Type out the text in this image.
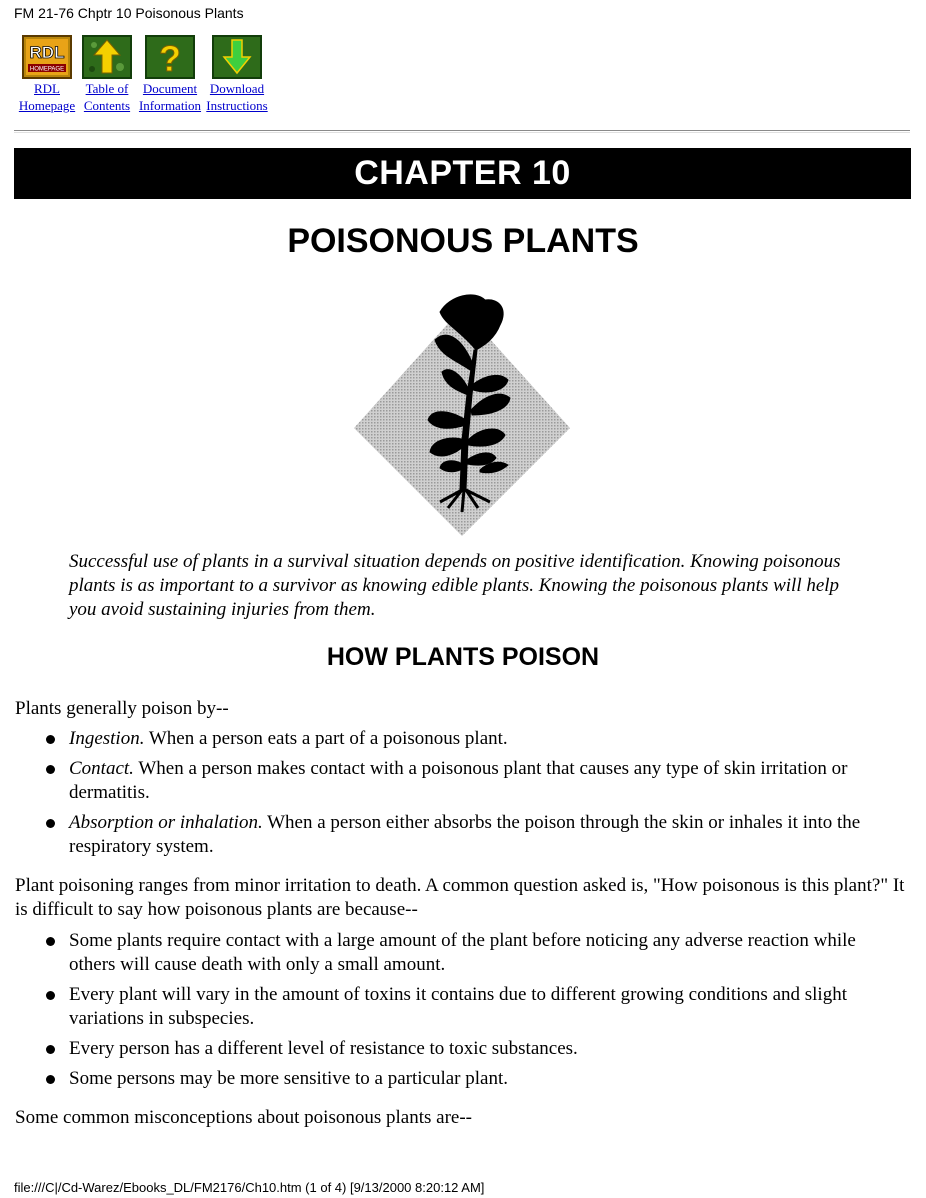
FM 21-76 Chptr 10 Poisonous Plants
RDL
HOMEPAGE
RDL
Homepage
Table of
Contents
?
Document
Information
Download
Instructions
CHAPTER 10
POISONOUS PLANTS

Successful use of plants in a survival situation depends on positive identification. Knowing poisonous plants is as important to a survivor as knowing edible plants. Knowing the poisonous plants will help you avoid sustaining injuries from them.

HOW PLANTS POISON

Plants generally poison by--

Ingestion. When a person eats a part of a poisonous plant.
Contact. When a person makes contact with a poisonous plant that causes any type of skin irritation or dermatitis.
Absorption or inhalation. When a person either absorbs the poison through the skin or inhales it into the respiratory system.

Plant poisoning ranges from minor irritation to death. A common question asked is, "How poisonous is this plant?" It is difficult to say how poisonous plants are because--

Some plants require contact with a large amount of the plant before noticing any adverse reaction while others will cause death with only a small amount.
Every plant will vary in the amount of toxins it contains due to different growing conditions and slight variations in subspecies.
Every person has a different level of resistance to toxic substances.
Some persons may be more sensitive to a particular plant.

Some common misconceptions about poisonous plants are--

file:///C|/Cd-Warez/Ebooks_DL/FM2176/Ch10.htm (1 of 4) [9/13/2000 8:20:12 AM]
